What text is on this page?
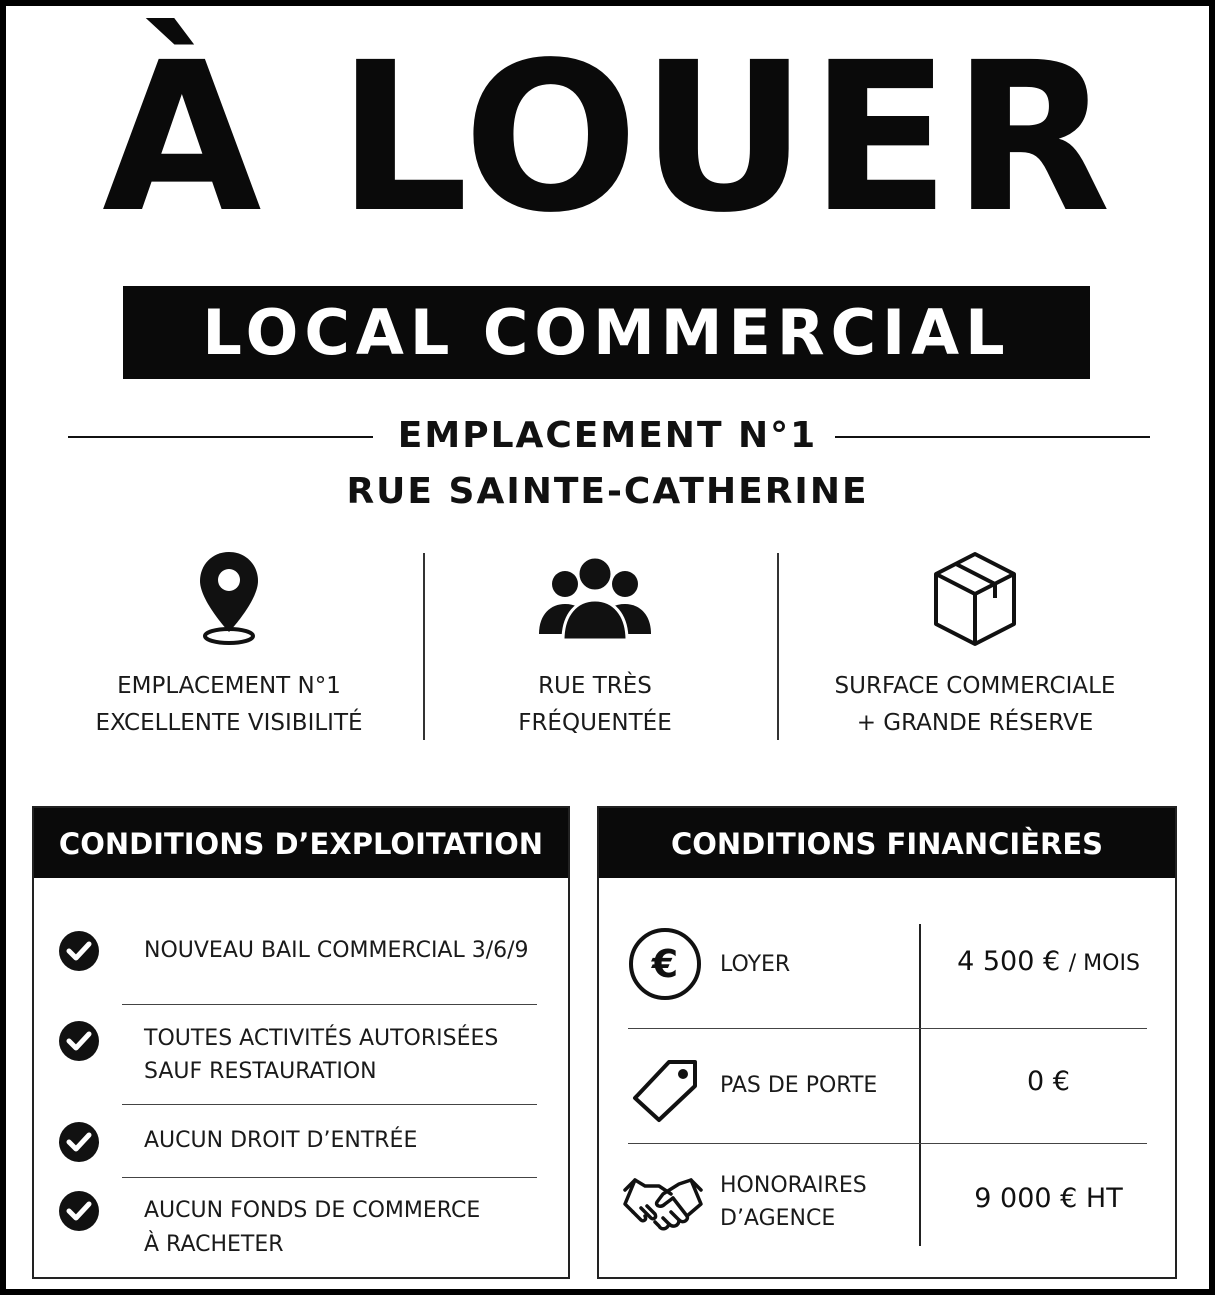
À LOUER
LOCAL COMMERCIAL
EMPLACEMENT N°1
RUE SAINTE-CATHERINE
EMPLACEMENT N°1
EXCELLENTE VISIBILITÉ
RUE TRÈS
FRÉQUENTÉE
SURFACE COMMERCIALE
+ GRANDE RÉSERVE
CONDITIONS D’EXPLOITATION
NOUVEAU BAIL COMMERCIAL 3/6/9
TOUTES ACTIVITÉS AUTORISÉES
SAUF RESTAURATION
AUCUN DROIT D’ENTRÉE
AUCUN FONDS DE COMMERCE
À RACHETER
CONDITIONS FINANCIÈRES
€ LOYER	4 500 € / MOIS
PAS DE PORTE	0 €
HONORAIRES
D’AGENCE
9 000 € HT
